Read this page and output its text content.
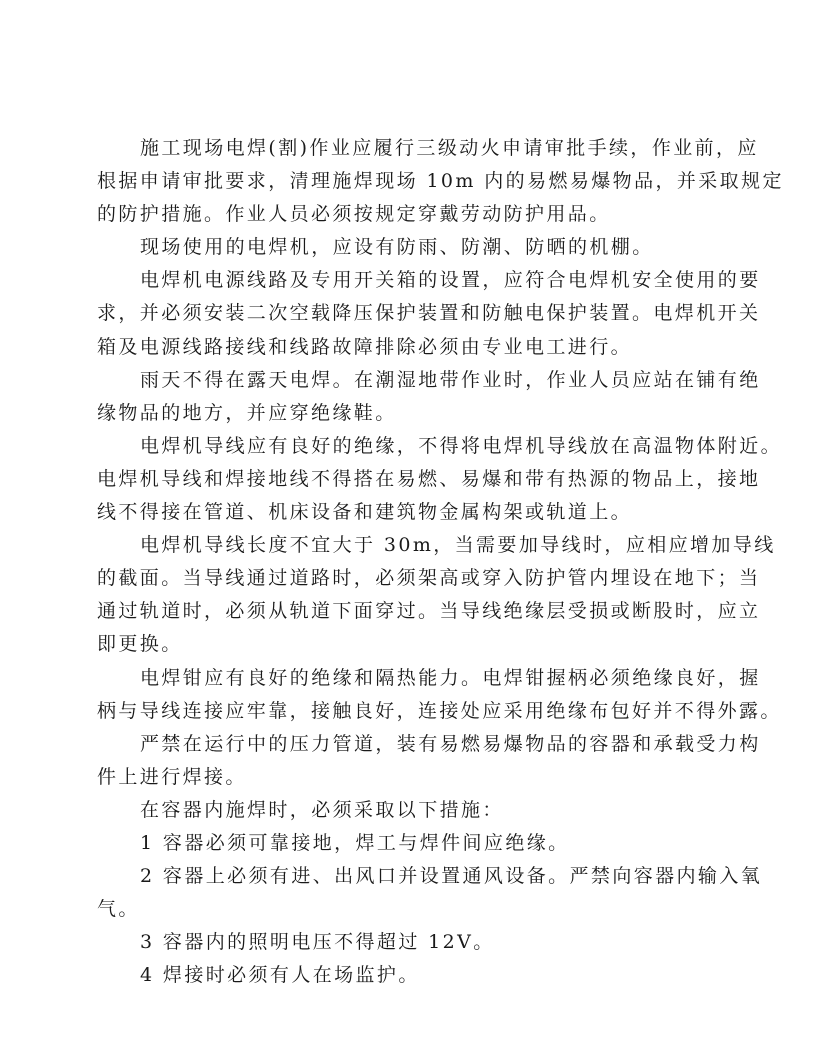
施工现场电焊(割)作业应履行三级动火申请审批手续，作业前，应
根据申请审批要求，清理施焊现场 10m 内的易燃易爆物品，并采取规定
的防护措施。作业人员必须按规定穿戴劳动防护用品。
现场使用的电焊机，应设有防雨、防潮、防晒的机棚。
电焊机电源线路及专用开关箱的设置，应符合电焊机安全使用的要
求，并必须安装二次空载降压保护装置和防触电保护装置。电焊机开关
箱及电源线路接线和线路故障排除必须由专业电工进行。
雨天不得在露天电焊。在潮湿地带作业时，作业人员应站在铺有绝
缘物品的地方，并应穿绝缘鞋。
电焊机导线应有良好的绝缘，不得将电焊机导线放在高温物体附近。
电焊机导线和焊接地线不得搭在易燃、易爆和带有热源的物品上，接地
线不得接在管道、机床设备和建筑物金属构架或轨道上。
电焊机导线长度不宜大于 30m，当需要加导线时，应相应增加导线
的截面。当导线通过道路时，必须架高或穿入防护管内埋设在地下；当
通过轨道时，必须从轨道下面穿过。当导线绝缘层受损或断股时，应立
即更换。
电焊钳应有良好的绝缘和隔热能力。电焊钳握柄必须绝缘良好，握
柄与导线连接应牢靠，接触良好，连接处应采用绝缘布包好并不得外露。
严禁在运行中的压力管道，装有易燃易爆物品的容器和承载受力构
件上进行焊接。
在容器内施焊时，必须采取以下措施：
1 容器必须可靠接地，焊工与焊件间应绝缘。
2 容器上必须有进、出风口并设置通风设备。严禁向容器内输入氧
气。
3 容器内的照明电压不得超过 12V。
4 焊接时必须有人在场监护。
